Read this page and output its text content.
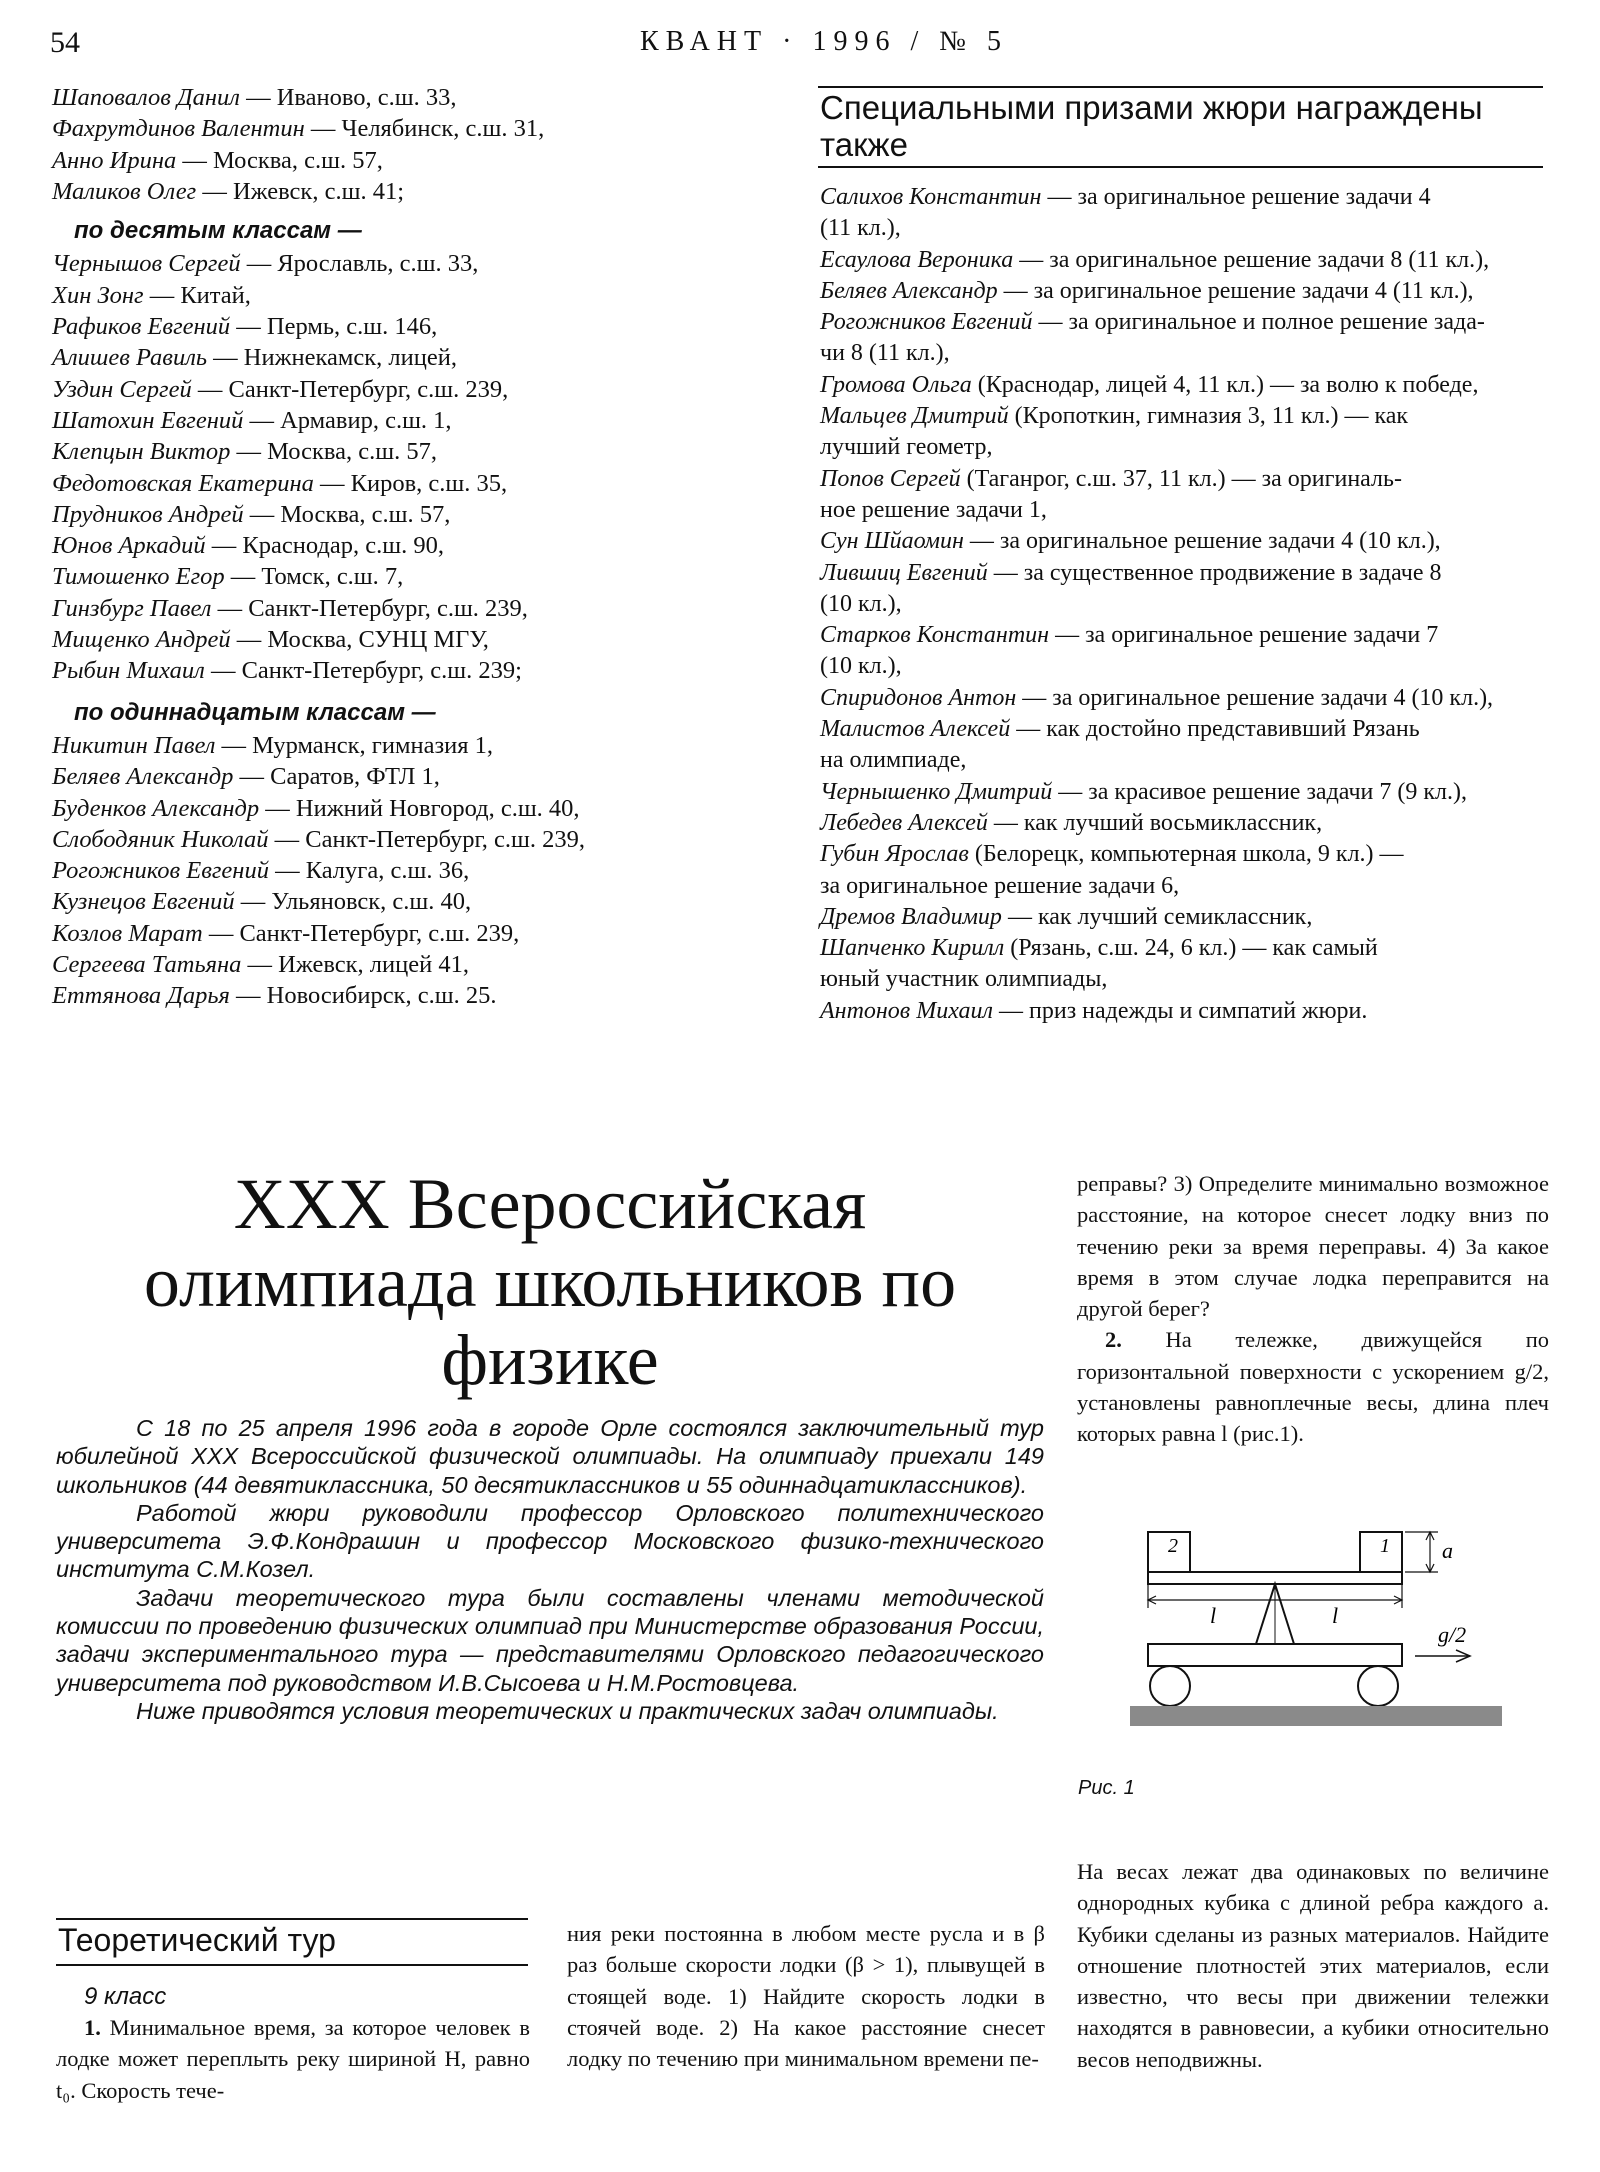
54	КВАНТ · 1996 / № 5
Шаповалов Данил — Иваново, с.ш. 33,
Фахрутдинов Валентин — Челябинск, с.ш. 31,
Анно Ирина — Москва, с.ш. 57,
Маликов Олег — Ижевск, с.ш. 41;
по десятым классам —
Чернышов Сергей — Ярославль, с.ш. 33,
Хин Зонг — Китай,
Рафиков Евгений — Пермь, с.ш. 146,
Алишев Равиль — Нижнекамск, лицей,
Уздин Сергей — Санкт-Петербург, с.ш. 239,
Шатохин Евгений — Армавир, с.ш. 1,
Клепцын Виктор — Москва, с.ш. 57,
Федотовская Екатерина — Киров, с.ш. 35,
Прудников Андрей — Москва, с.ш. 57,
Юнов Аркадий — Краснодар, с.ш. 90,
Тимошенко Егор — Томск, с.ш. 7,
Гинзбург Павел — Санкт-Петербург, с.ш. 239,
Мищенко Андрей — Москва, СУНЦ МГУ,
Рыбин Михаил — Санкт-Петербург, с.ш. 239;
по одиннадцатым классам —
Никитин Павел — Мурманск, гимназия 1,
Беляев Александр — Саратов, ФТЛ 1,
Буденков Александр — Нижний Новгород, с.ш. 40,
Слободяник Николай — Санкт-Петербург, с.ш. 239,
Рогожников Евгений — Калуга, с.ш. 36,
Кузнецов Евгений — Ульяновск, с.ш. 40,
Козлов Марат — Санкт-Петербург, с.ш. 239,
Сергеева Татьяна — Ижевск, лицей 41,
Еттянова Дарья — Новосибирск, с.ш. 25.
Специальными призами жюри награждены также
Салихов Константин — за оригинальное решение задачи 4
(11 кл.),
Есаулова Вероника — за оригинальное решение задачи 8 (11 кл.),
Беляев Александр — за оригинальное решение задачи 4 (11 кл.),
Рогожников Евгений — за оригинальное и полное решение зада-
чи 8 (11 кл.),
Громова Ольга (Краснодар, лицей 4, 11 кл.) — за волю к победе,
Мальцев Дмитрий (Кропоткин, гимназия 3, 11 кл.) — как
лучший геометр,
Попов Сергей (Таганрог, с.ш. 37, 11 кл.) — за оригиналь-
ное решение задачи 1,
Сун Шйаомин — за оригинальное решение задачи 4 (10 кл.),
Лившиц Евгений — за существенное продвижение в задаче 8
(10 кл.),
Старков Константин — за оригинальное решение задачи 7
(10 кл.),
Спиридонов Антон — за оригинальное решение задачи 4 (10 кл.),
Малистов Алексей — как достойно представивший Рязань
на олимпиаде,
Чернышенко Дмитрий — за красивое решение задачи 7 (9 кл.),
Лебедев Алексей — как лучший восьмиклассник,
Губин Ярослав (Белорецк, компьютерная школа, 9 кл.) —
за оригинальное решение задачи 6,
Дремов Владимир — как лучший семиклассник,
Шапченко Кирилл (Рязань, с.ш. 24, 6 кл.) — как самый
юный участник олимпиады,
Антонов Михаил — приз надежды и симпатий жюри.
XXX Всероссийская олимпиада школьников по физике

С 18 по 25 апреля 1996 года в городе Орле состоялся заключительный тур юбилейной XXX Всероссийской физической олимпиады. На олимпиаду приехали 149 школьников (44 девятиклассника, 50 десятиклассников и 55 одиннадцатиклассников).

Работой жюри руководили профессор Орловского политехнического университета Э.Ф.Кондрашин и профессор Московского физико-технического института С.М.Козел.

Задачи теоретического тура были составлены членами методической комиссии по проведению физических олимпиад при Министерстве образования России, задачи экспериментального тура — представителями Орловского педагогического университета под руководством И.В.Сысоева и Н.М.Ростовцева.

Ниже приводятся условия теоретических и практических задач олимпиады.

Теоретический тур
9 класс

1. Минимальное время, за которое человек в лодке может переплыть реку шириной H, равно t₀. Скорость тече-

ния реки постоянна в любом месте русла и в β раз больше скорости лодки (β > 1), плывущей в стоящей воде. 1) Найдите скорость лодки в стоячей воде. 2) На какое расстояние снесет лодку по течению при минимальном времени пе-

реправы? 3) Определите минимально возможное расстояние, на которое снесет лодку вниз по течению реки за время переправы. 4) За какое время в этом случае лодка переправится на другой берег?

2. На тележке, движущейся по горизонтальной поверхности с ускорением g/2, установлены равноплечные весы, длина плеч которых равна l (рис.1).

2	1 a
l	l
g/2
Рис. 1

На весах лежат два одинаковых по величине однородных кубика с длиной ребра каждого a. Кубики сделаны из разных материалов. Найдите отношение плотностей этих материалов, если известно, что весы при движении тележки находятся в равновесии, а кубики относительно весов неподвижны.
